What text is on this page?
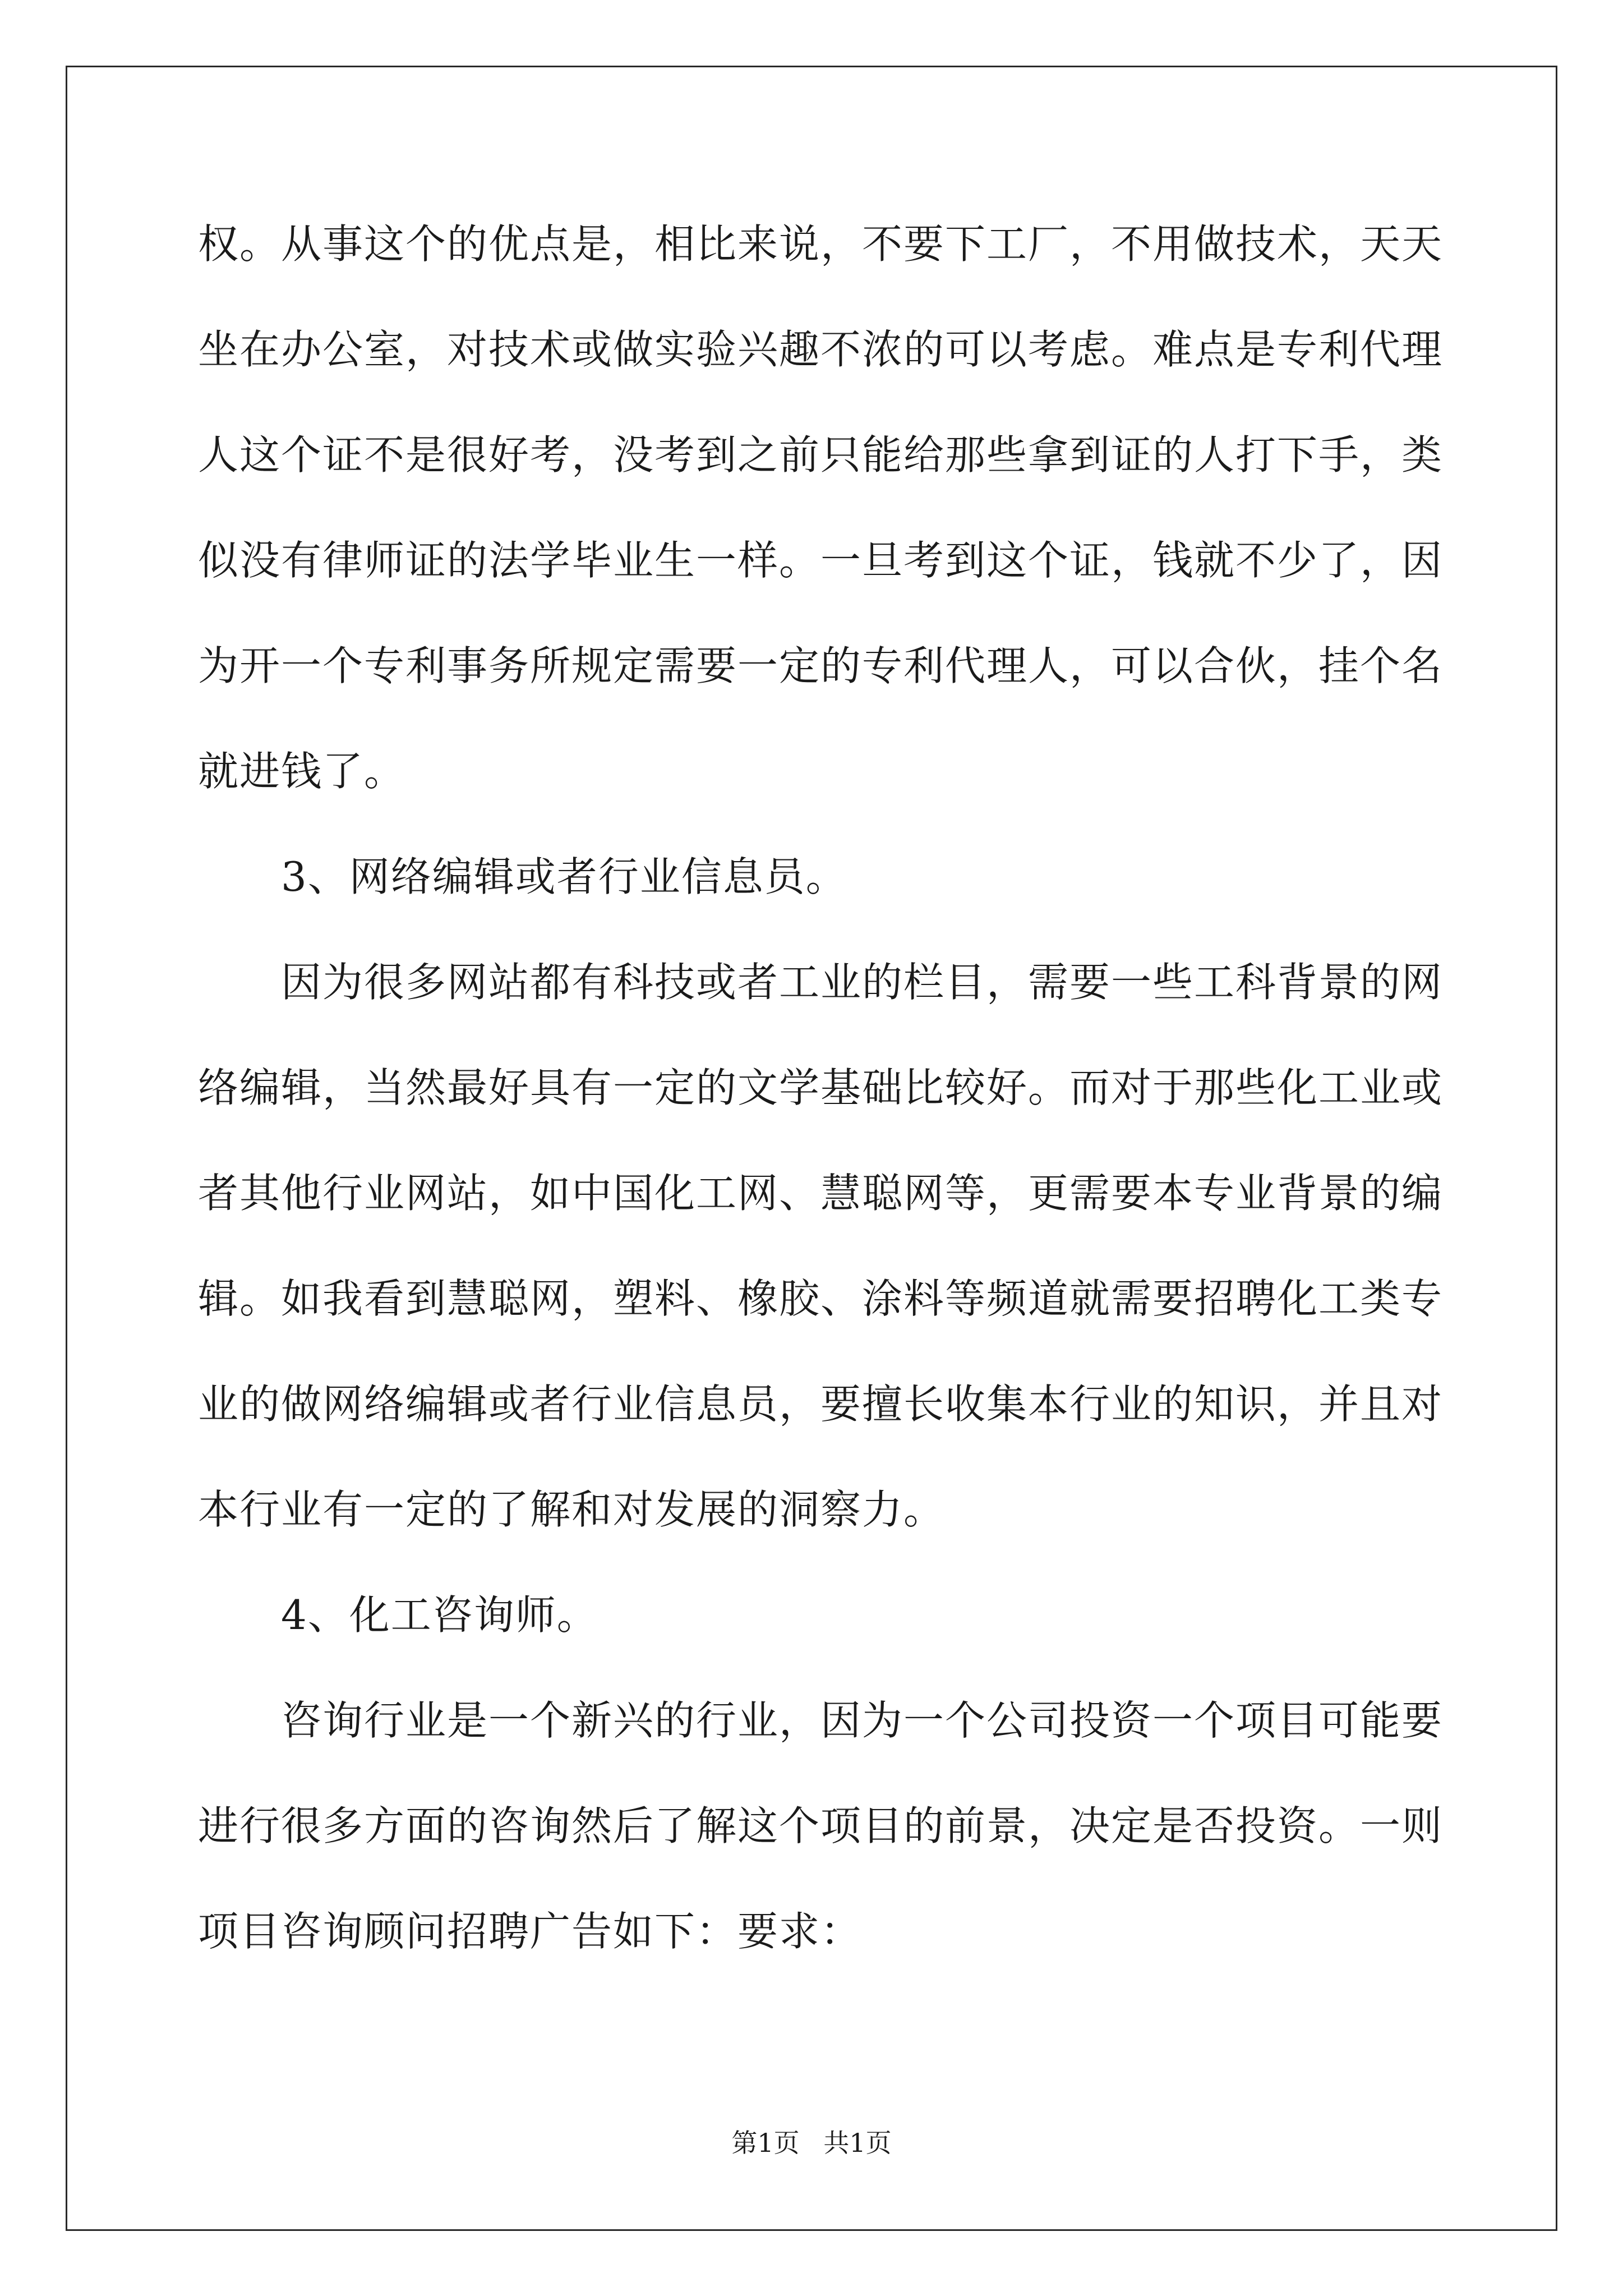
权。从事这个的优点是，相比来说，不要下工厂，不用做技术，天天

坐在办公室，对技术或做实验兴趣不浓的可以考虑。难点是专利代理

人这个证不是很好考，没考到之前只能给那些拿到证的人打下手，类

似没有律师证的法学毕业生一样。一旦考到这个证，钱就不少了，因

为开一个专利事务所规定需要一定的专利代理人，可以合伙，挂个名

就进钱了。

3、网络编辑或者行业信息员。

因为很多网站都有科技或者工业的栏目，需要一些工科背景的网

络编辑，当然最好具有一定的文学基础比较好。而对于那些化工业或

者其他行业网站，如中国化工网、慧聪网等，更需要本专业背景的编

辑。如我看到慧聪网，塑料、橡胶、涂料等频道就需要招聘化工类专

业的做网络编辑或者行业信息员，要擅长收集本行业的知识，并且对

本行业有一定的了解和对发展的洞察力。

4、化工咨询师。

咨询行业是一个新兴的行业，因为一个公司投资一个项目可能要

进行很多方面的咨询然后了解这个项目的前景，决定是否投资。一则

项目咨询顾问招聘广告如下：要求：

第1页 共1页
